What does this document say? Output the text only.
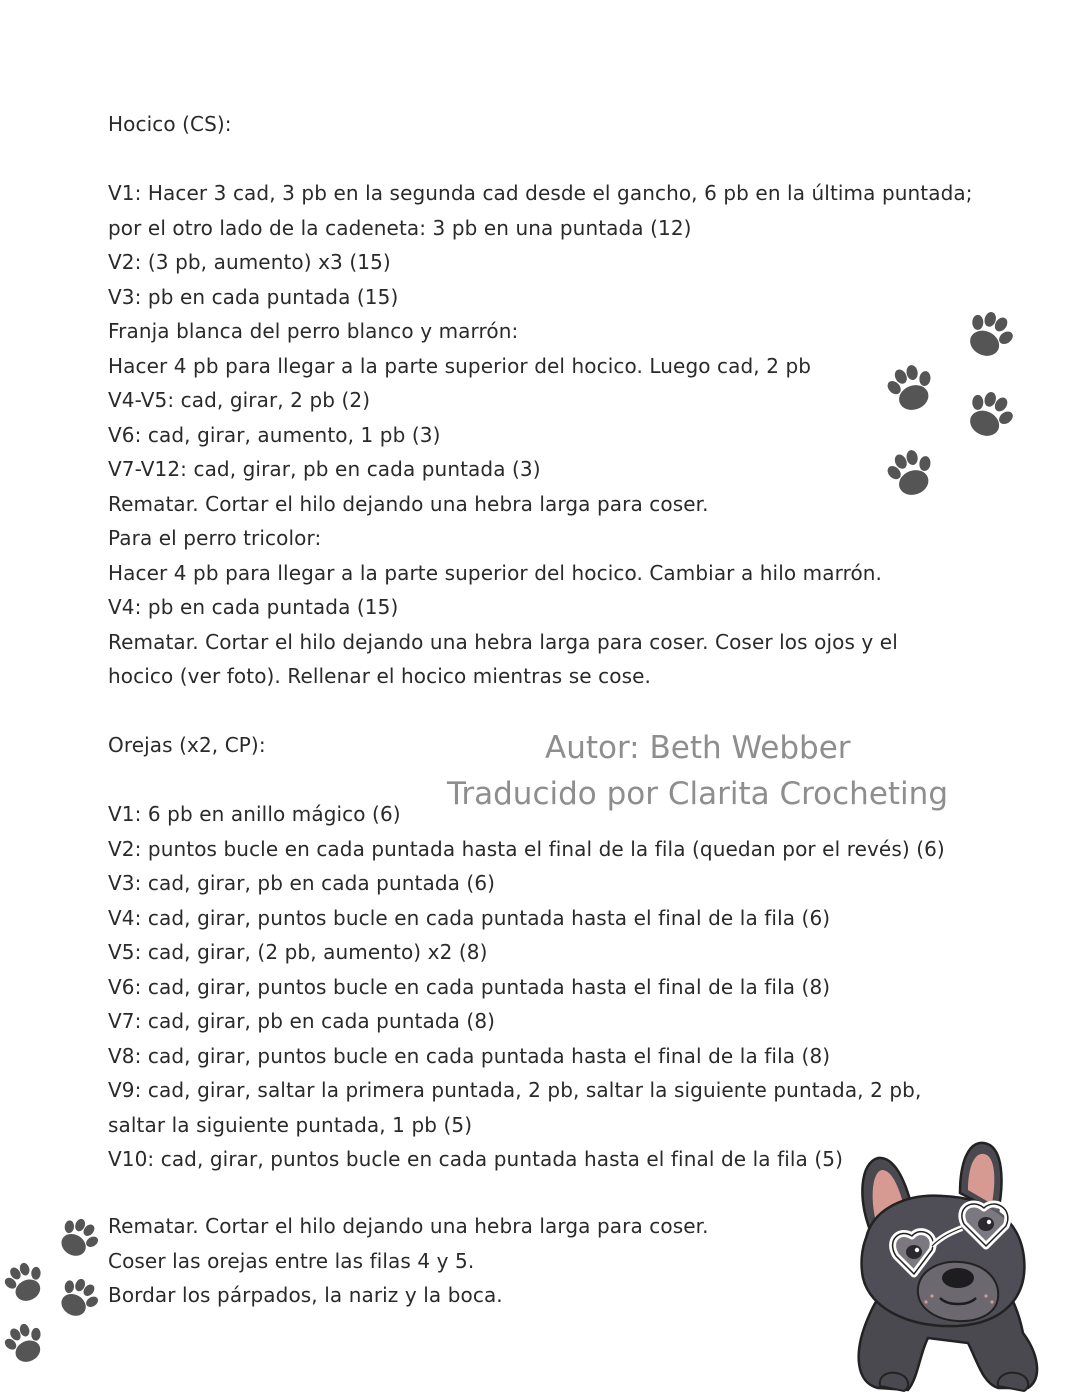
Hocico (CS):
V1: Hacer 3 cad, 3 pb en la segunda cad desde el gancho, 6 pb en la última puntada;
por el otro lado de la cadeneta: 3 pb en una puntada (12)
V2: (3 pb, aumento) x3 (15)
V3: pb en cada puntada (15)
Franja blanca del perro blanco y marrón:
Hacer 4 pb para llegar a la parte superior del hocico. Luego cad, 2 pb
V4-V5: cad, girar, 2 pb (2)
V6: cad, girar, aumento, 1 pb (3)
V7-V12: cad, girar, pb en cada puntada (3)
Rematar. Cortar el hilo dejando una hebra larga para coser.
Para el perro tricolor:
Hacer 4 pb para llegar a la parte superior del hocico. Cambiar a hilo marrón.
V4: pb en cada puntada (15)
Rematar. Cortar el hilo dejando una hebra larga para coser. Coser los ojos y el
hocico (ver foto). Rellenar el hocico mientras se cose.
Orejas (x2, CP):
V1: 6 pb en anillo mágico (6)
V2: puntos bucle en cada puntada hasta el final de la fila (quedan por el revés) (6)
V3: cad, girar, pb en cada puntada (6)
V4: cad, girar, puntos bucle en cada puntada hasta el final de la fila (6)
V5: cad, girar, (2 pb, aumento) x2 (8)
V6: cad, girar, puntos bucle en cada puntada hasta el final de la fila (8)
V7: cad, girar, pb en cada puntada (8)
V8: cad, girar, puntos bucle en cada puntada hasta el final de la fila (8)
V9: cad, girar, saltar la primera puntada, 2 pb, saltar la siguiente puntada, 2 pb,
saltar la siguiente puntada, 1 pb (5)
V10: cad, girar, puntos bucle en cada puntada hasta el final de la fila (5)
Rematar. Cortar el hilo dejando una hebra larga para coser.
Coser las orejas entre las filas 4 y 5.
Bordar los párpados, la nariz y la boca.
Autor: Beth Webber
Traducido por Clarita Crocheting
